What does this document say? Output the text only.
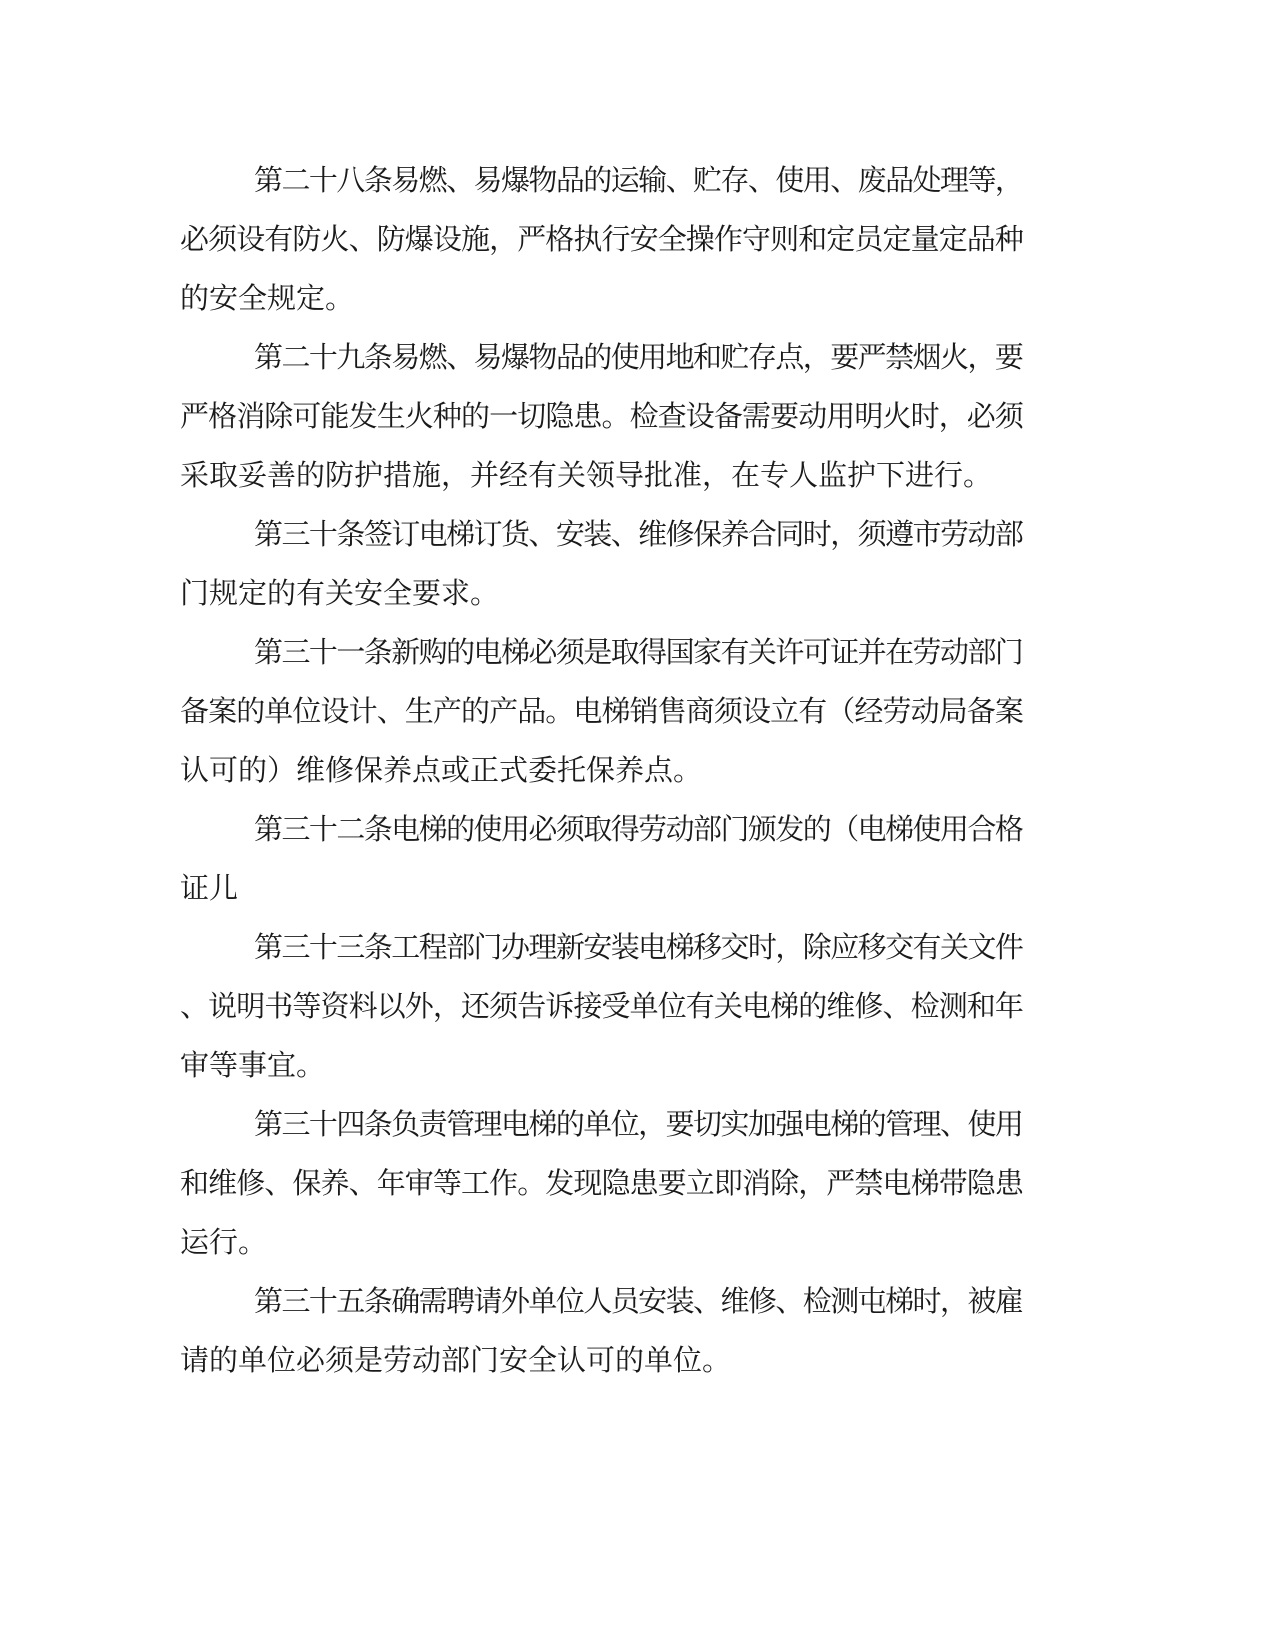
第二十八条易燃、易爆物品的运输、贮存、使用、废品处理等，

必须设有防火、防爆设施，严格执行安全操作守则和定员定量定品种

的安全规定。

第二十九条易燃、易爆物品的使用地和贮存点，要严禁烟火，要

严格消除可能发生火种的一切隐患。检查设备需要动用明火时，必须

采取妥善的防护措施，并经有关领导批准，在专人监护下进行。

第三十条签订电梯订货、安装、维修保养合同时，须遵市劳动部

门规定的有关安全要求。

第三十一条新购的电梯必须是取得国家有关许可证并在劳动部门

备案的单位设计、生产的产品。电梯销售商须设立有（经劳动局备案

认可的）维修保养点或正式委托保养点。

第三十二条电梯的使用必须取得劳动部门颁发的（电梯使用合格

证儿

第三十三条工程部门办理新安装电梯移交时，除应移交有关文件

、说明书等资料以外，还须告诉接受单位有关电梯的维修、检测和年

审等事宜。

第三十四条负责管理电梯的单位，要切实加强电梯的管理、使用

和维修、保养、年审等工作。发现隐患要立即消除，严禁电梯带隐患

运行。

第三十五条确需聘请外单位人员安装、维修、检测屯梯时，被雇

请的单位必须是劳动部门安全认可的单位。
